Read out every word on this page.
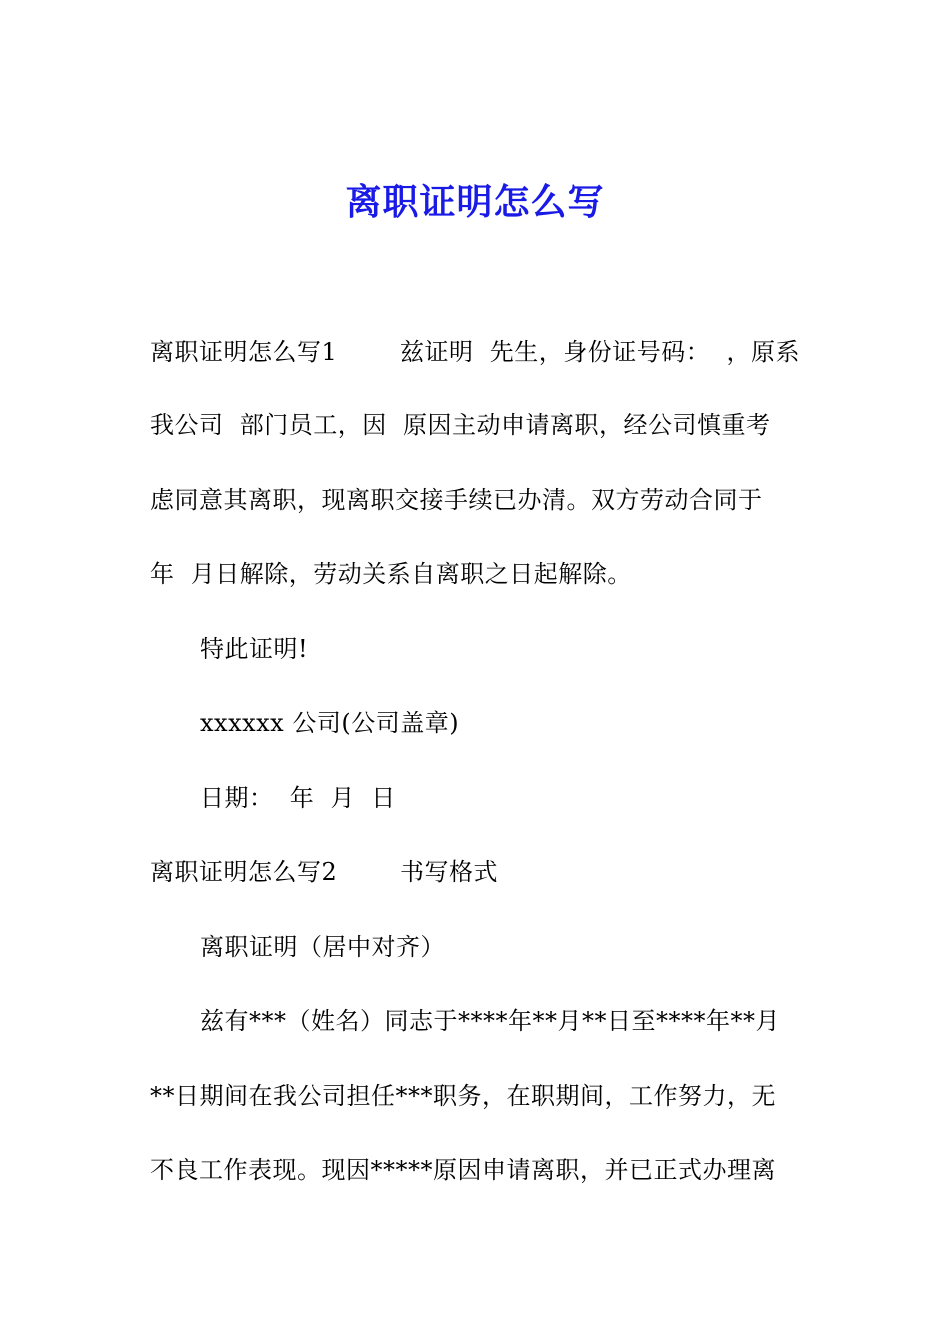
离职证明怎么写
离职证明怎么写1	兹证明  先生，身份证号码：  ，原系
我公司  部门员工，因  原因主动申请离职，经公司慎重考
虑同意其离职，现离职交接手续已办清。双方劳动合同于
年  月日解除，劳动关系自离职之日起解除。
特此证明!
xxxxxx 公司(公司盖章)
日期：  年  月  日
离职证明怎么写2	书写格式
离职证明（居中对齐）
兹有***（姓名）同志于****年**月**日至****年**月
**日期间在我公司担任***职务，在职期间，工作努力，无
不良工作表现。现因*****原因申请离职，并已正式办理离
